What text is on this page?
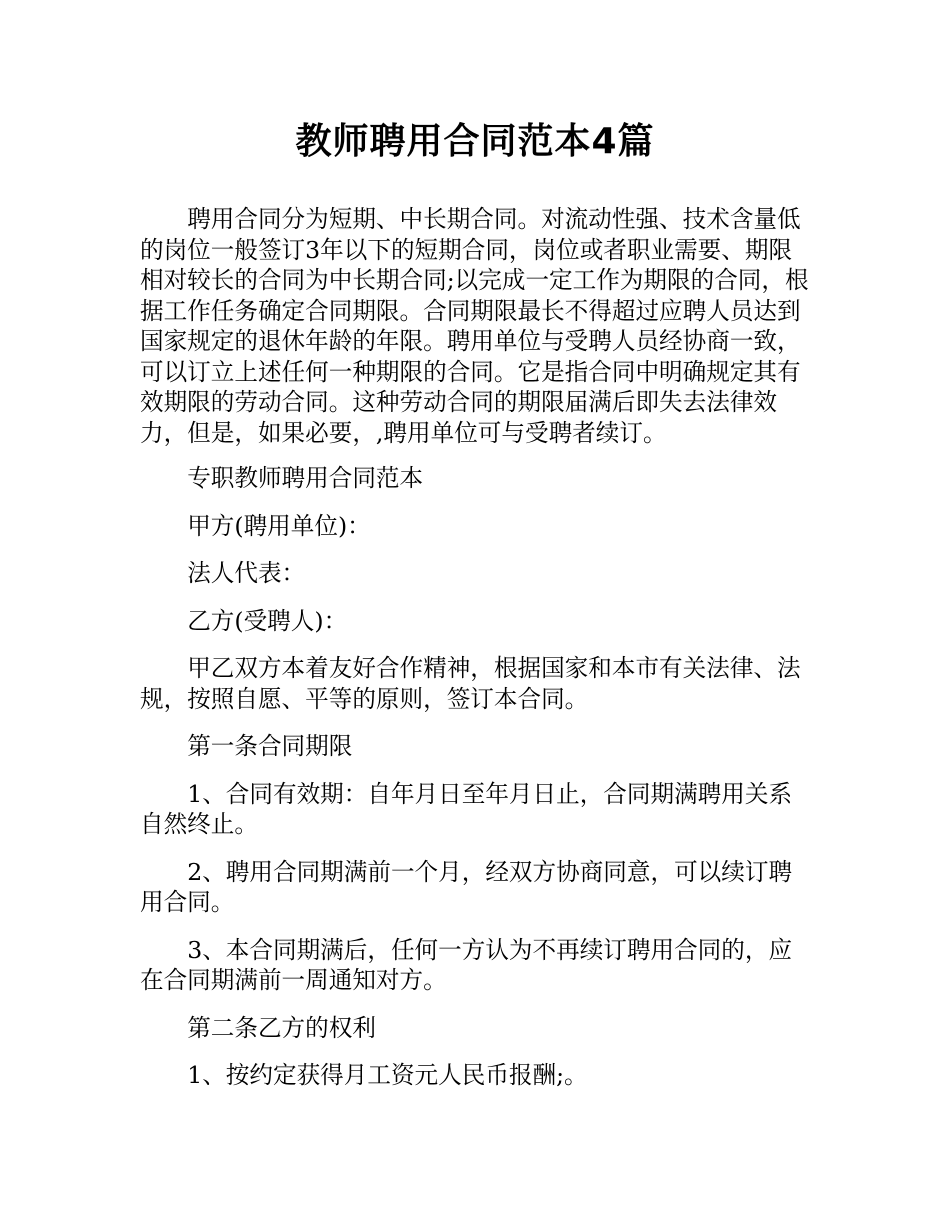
教师聘用合同范本4篇

聘用合同分为短期、中长期合同。对流动性强、技术含量低的岗位一般签订3年以下的短期合同，岗位或者职业需要、期限相对较长的合同为中长期合同;以完成一定工作为期限的合同，根据工作任务确定合同期限。合同期限最长不得超过应聘人员达到国家规定的退休年龄的年限。聘用单位与受聘人员经协商一致，可以订立上述任何一种期限的合同。它是指合同中明确规定其有效期限的劳动合同。这种劳动合同的期限届满后即失去法律效力，但是，如果必要，,聘用单位可与受聘者续订。

专职教师聘用合同范本

甲方(聘用单位)：

法人代表：

乙方(受聘人)：

甲乙双方本着友好合作精神，根据国家和本市有关法律、法规，按照自愿、平等的原则，签订本合同。

第一条合同期限

1、合同有效期：自年月日至年月日止，合同期满聘用关系自然终止。

2、聘用合同期满前一个月，经双方协商同意，可以续订聘用合同。

3、本合同期满后，任何一方认为不再续订聘用合同的，应在合同期满前一周通知对方。

第二条乙方的权利

1、按约定获得月工资元人民币报酬;。
